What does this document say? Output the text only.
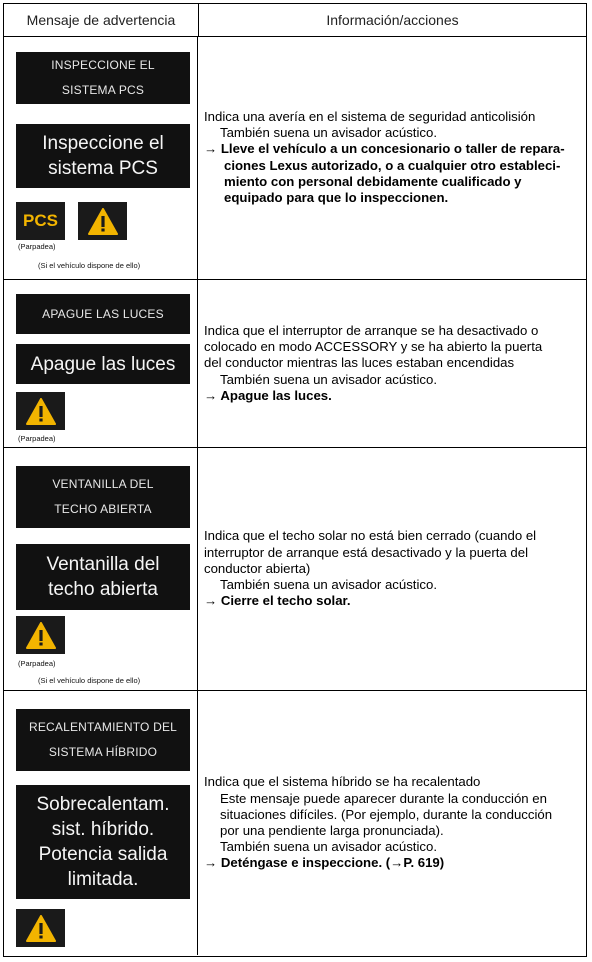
Mensaje de advertencia	Información/acciones
INSPECCIONE EL
SISTEMA PCS
Inspeccione el
sistema PCS
PCS
(Parpadea)
(Si el vehículo dispone de ello)
Indica una avería en el sistema de seguridad anticolisión
También suena un avisador acústico.
→ Lleve el vehículo a un concesionario o taller de repara-
ciones Lexus autorizado, o a cualquier otro estableci-
miento con personal debidamente cualificado y
equipado para que lo inspeccionen.
APAGUE LAS LUCES
Apague las luces
(Parpadea)
Indica que el interruptor de arranque se ha desactivado o
colocado en modo ACCESSORY y se ha abierto la puerta
del conductor mientras las luces estaban encendidas
También suena un avisador acústico.
→ Apague las luces.
VENTANILLA DEL
TECHO ABIERTA
Ventanilla del
techo abierta
(Parpadea)
(Si el vehículo dispone de ello)
Indica que el techo solar no está bien cerrado (cuando el
interruptor de arranque está desactivado y la puerta del
conductor abierta)
También suena un avisador acústico.
→ Cierre el techo solar.
RECALENTAMIENTO DEL
SISTEMA HÍBRIDO
Sobrecalentam.
sist. híbrido.
Potencia salida
limitada.
Indica que el sistema híbrido se ha recalentado
Este mensaje puede aparecer durante la conducción en
situaciones difíciles. (Por ejemplo, durante la conducción
por una pendiente larga pronunciada).
También suena un avisador acústico.
→ Deténgase e inspeccione. (→P. 619)
